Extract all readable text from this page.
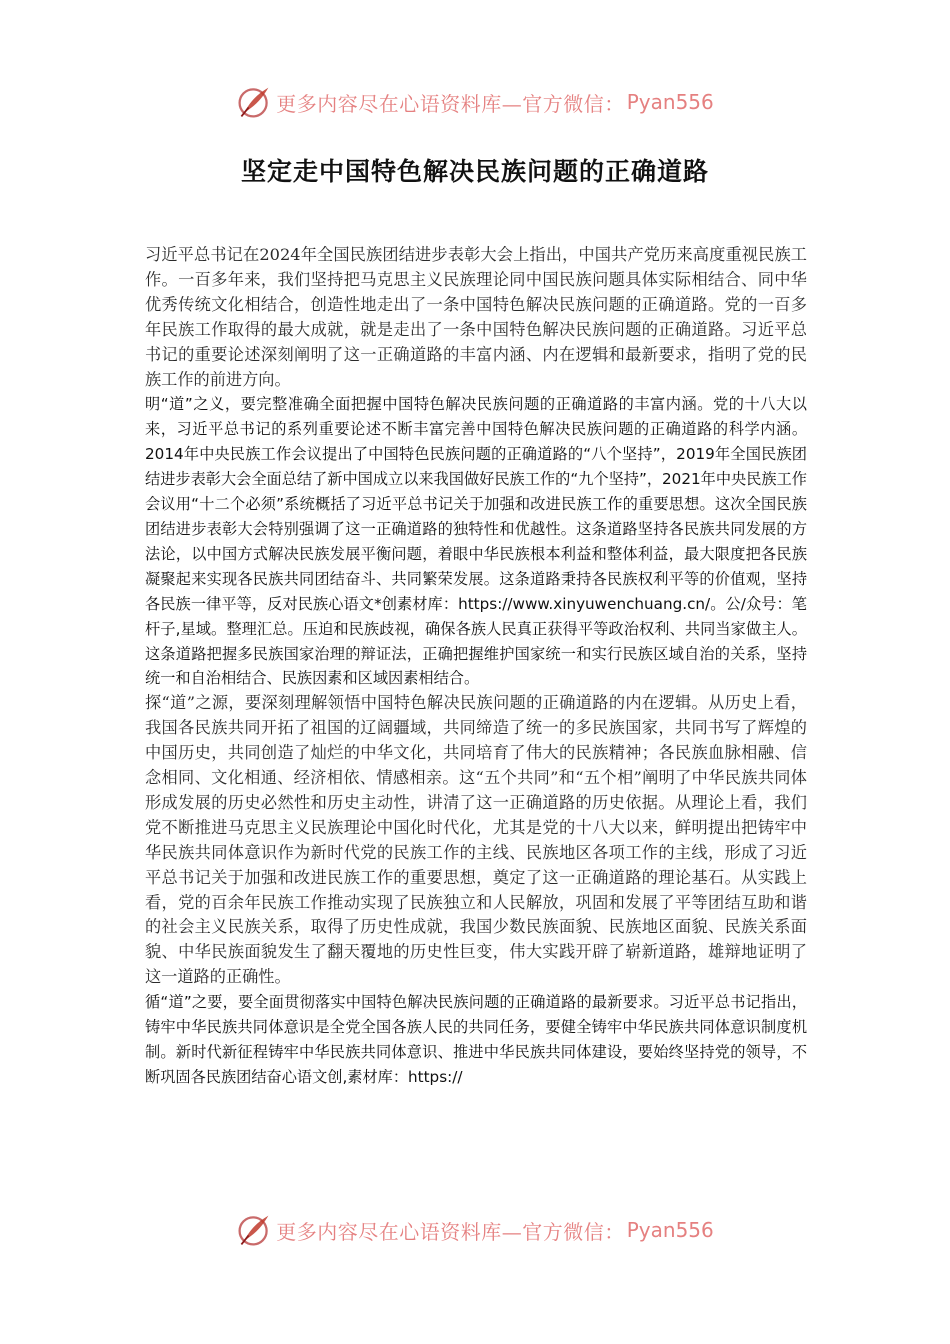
更多内容尽在心语资料库—官方微信： Pyan556
坚定走中国特色解决民族问题的正确道路

习近平总书记在2024年全国民族团结进步表彰大会上指出，中国共产党历来高度重视民族工作。一百多年来，我们坚持把马克思主义民族理论同中国民族问题具体实际相结合、同中华优秀传统文化相结合，创造性地走出了一条中国特色解决民族问题的正确道路。党的一百多年民族工作取得的最大成就，就是走出了一条中国特色解决民族问题的正确道路。习近平总书记的重要论述深刻阐明了这一正确道路的丰富内涵、内在逻辑和最新要求，指明了党的民族工作的前进方向。

明“道”之义，要完整准确全面把握中国特色解决民族问题的正确道路的丰富内涵。党的十八大以来，习近平总书记的系列重要论述不断丰富完善中国特色解决民族问题的正确道路的科学内涵。2014年中央民族工作会议提出了中国特色民族问题的正确道路的“八个坚持”，2019年全国民族团结进步表彰大会全面总结了新中国成立以来我国做好民族工作的“九个坚持”，2021年中央民族工作会议用“十二个必须”系统概括了习近平总书记关于加强和改进民族工作的重要思想。这次全国民族团结进步表彰大会特别强调了这一正确道路的独特性和优越性。这条道路坚持各民族共同发展的方法论，以中国方式解决民族发展平衡问题，着眼中华民族根本利益和整体利益，最大限度把各民族凝聚起来实现各民族共同团结奋斗、共同繁荣发展。这条道路秉持各民族权利平等的价值观，坚持各民族一律平等，反对民族心语文*创素材库：https://www.xinyuwenchuang.cn/。公/众号：笔杆子,星域。整理汇总。压迫和民族歧视，确保各族人民真正获得平等政治权利、共同当家做主人。这条道路把握多民族国家治理的辩证法，正确把握维护国家统一和实行民族区域自治的关系，坚持统一和自治相结合、民族因素和区域因素相结合。

探“道”之源，要深刻理解领悟中国特色解决民族问题的正确道路的内在逻辑。从历史上看，我国各民族共同开拓了祖国的辽阔疆域，共同缔造了统一的多民族国家，共同书写了辉煌的中国历史，共同创造了灿烂的中华文化，共同培育了伟大的民族精神；各民族血脉相融、信念相同、文化相通、经济相依、情感相亲。这“五个共同”和“五个相”阐明了中华民族共同体形成发展的历史必然性和历史主动性，讲清了这一正确道路的历史依据。从理论上看，我们党不断推进马克思主义民族理论中国化时代化，尤其是党的十八大以来，鲜明提出把铸牢中华民族共同体意识作为新时代党的民族工作的主线、民族地区各项工作的主线，形成了习近平总书记关于加强和改进民族工作的重要思想，奠定了这一正确道路的理论基石。从实践上看，党的百余年民族工作推动实现了民族独立和人民解放，巩固和发展了平等团结互助和谐的社会主义民族关系，取得了历史性成就，我国少数民族面貌、民族地区面貌、民族关系面貌、中华民族面貌发生了翻天覆地的历史性巨变，伟大实践开辟了崭新道路，雄辩地证明了这一道路的正确性。

循“道”之要，要全面贯彻落实中国特色解决民族问题的正确道路的最新要求。习近平总书记指出，铸牢中华民族共同体意识是全党全国各族人民的共同任务，要健全铸牢中华民族共同体意识制度机制。新时代新征程铸牢中华民族共同体意识、推进中华民族共同体建设，要始终坚持党的领导，不断巩固各民族团结奋心语文创,素材库：https://

更多内容尽在心语资料库—官方微信： Pyan556
